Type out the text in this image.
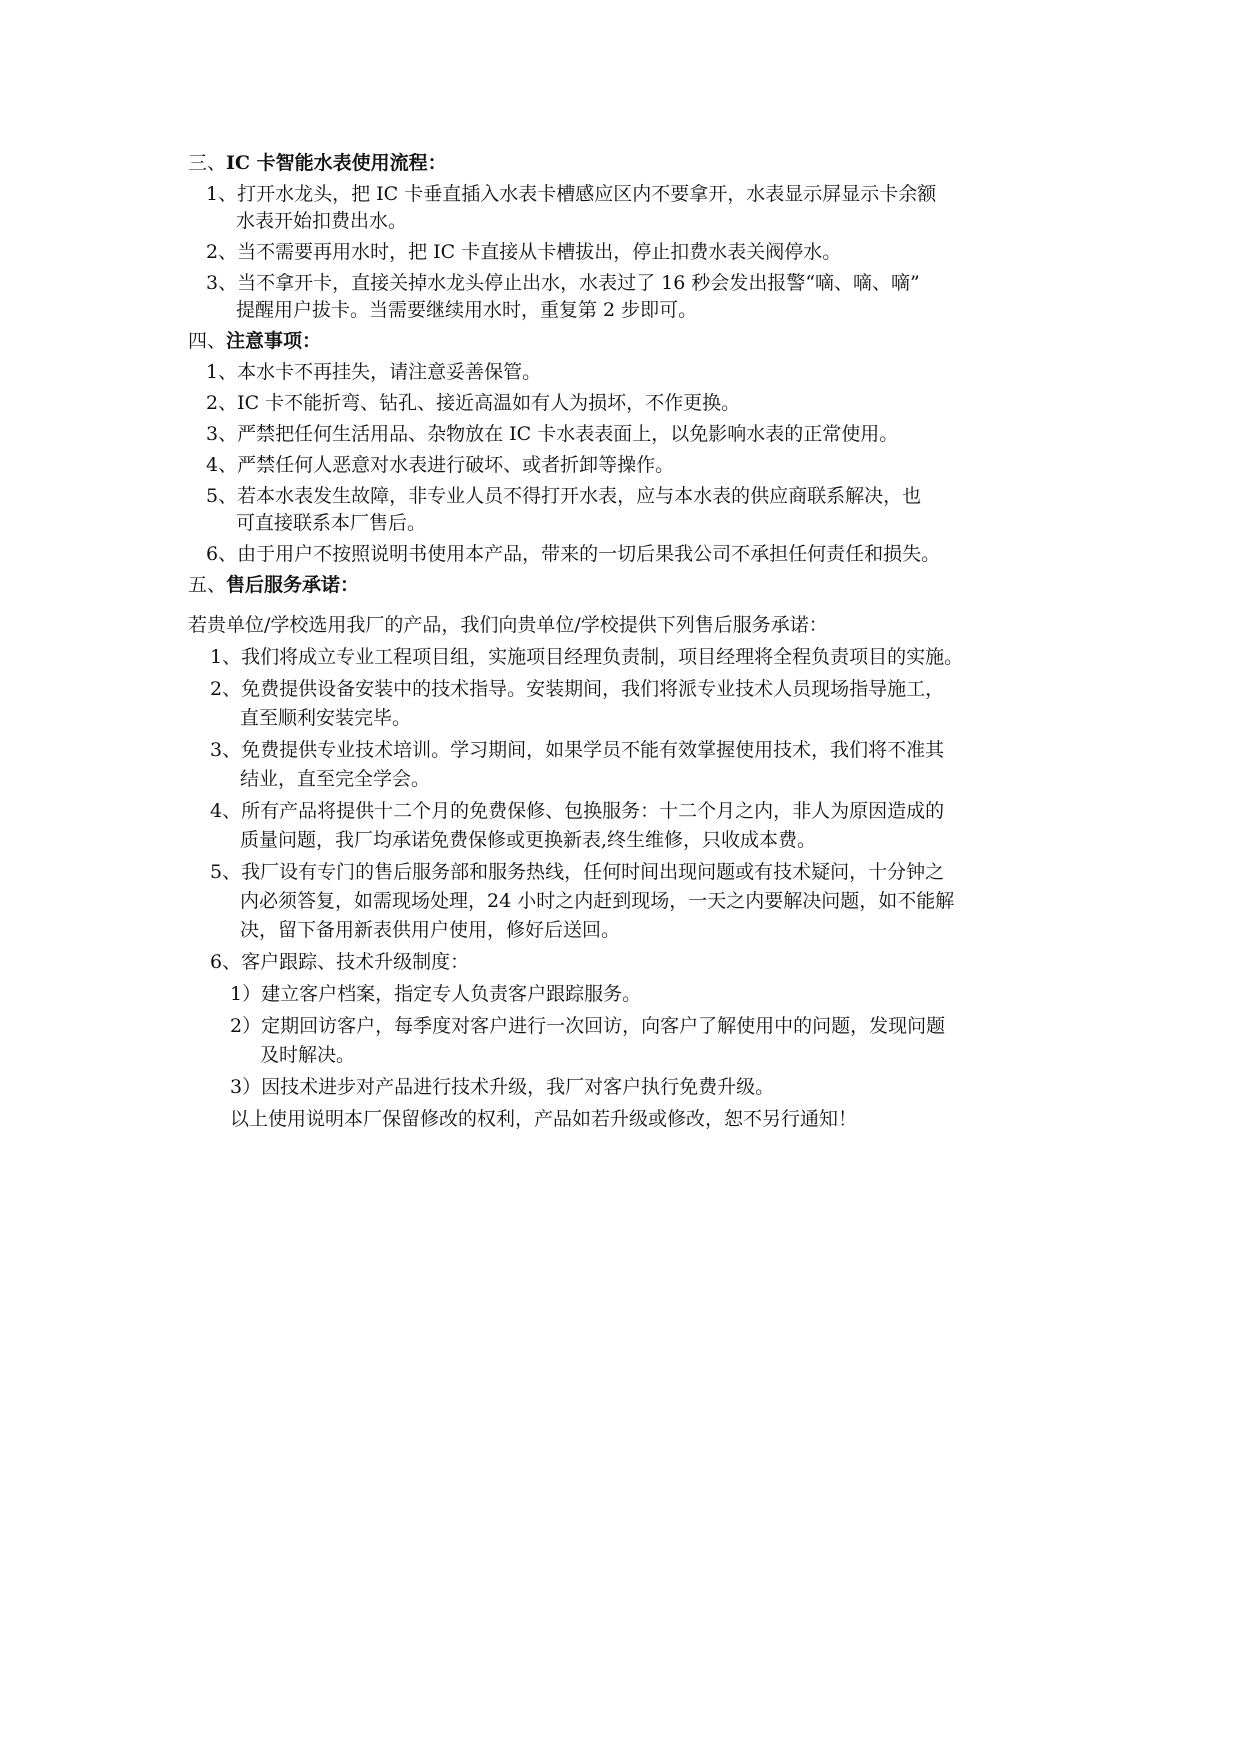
三、IC 卡智能水表使用流程：
1、打开水龙头，把 IC 卡垂直插入水表卡槽感应区内不要拿开，水表显示屏显示卡余额
水表开始扣费出水。
2、当不需要再用水时，把 IC 卡直接从卡槽拔出，停止扣费水表关阀停水。
3、当不拿开卡，直接关掉水龙头停止出水，水表过了 16 秒会发出报警“嘀、嘀、嘀”
提醒用户拔卡。当需要继续用水时，重复第 2 步即可。
四、注意事项：
1、本水卡不再挂失，请注意妥善保管。
2、IC 卡不能折弯、钻孔、接近高温如有人为损坏，不作更换。
3、严禁把任何生活用品、杂物放在 IC 卡水表表面上，以免影响水表的正常使用。
4、严禁任何人恶意对水表进行破坏、或者折卸等操作。
5、若本水表发生故障，非专业人员不得打开水表，应与本水表的供应商联系解决，也
可直接联系本厂售后。
6、由于用户不按照说明书使用本产品，带来的一切后果我公司不承担任何责任和损失。
五、售后服务承诺：
若贵单位/学校选用我厂的产品，我们向贵单位/学校提供下列售后服务承诺：
1、我们将成立专业工程项目组，实施项目经理负责制，项目经理将全程负责项目的实施。
2、免费提供设备安装中的技术指导。安装期间，我们将派专业技术人员现场指导施工，
直至顺利安装完毕。
3、免费提供专业技术培训。学习期间，如果学员不能有效掌握使用技术，我们将不准其
结业，直至完全学会。
4、所有产品将提供十二个月的免费保修、包换服务：十二个月之内，非人为原因造成的
质量问题，我厂均承诺免费保修或更换新表,终生维修，只收成本费。
5、我厂设有专门的售后服务部和服务热线，任何时间出现问题或有技术疑问，十分钟之
内必须答复，如需现场处理，24 小时之内赶到现场，一天之内要解决问题，如不能解
决，留下备用新表供用户使用，修好后送回。
6、客户跟踪、技术升级制度：
1）建立客户档案，指定专人负责客户跟踪服务。
2）定期回访客户，每季度对客户进行一次回访，向客户了解使用中的问题，发现问题
及时解决。
3）因技术进步对产品进行技术升级，我厂对客户执行免费升级。
以上使用说明本厂保留修改的权利，产品如若升级或修改，恕不另行通知！
